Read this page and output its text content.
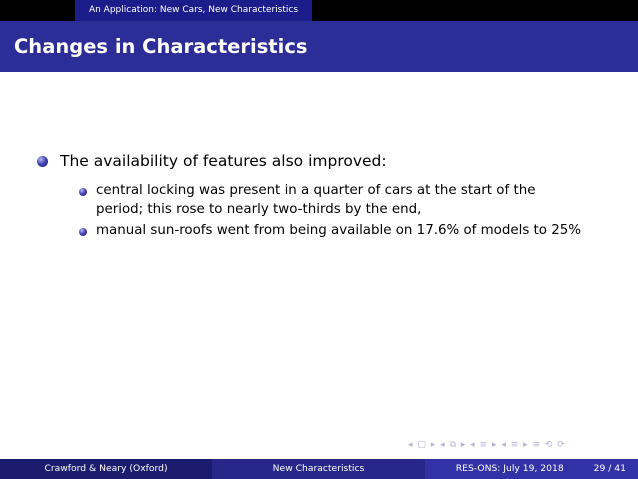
An Application: New Cars, New Characteristics
Changes in Characteristics
The availability of features also improved:
central locking was present in a quarter of cars at the start of the
period; this rose to nearly two-thirds by the end,
manual sun-roofs went from being available on 17.6% of models to 25%
◂ ▢ ▸ ◂ ⧉ ▸ ◂ ≡ ▸ ◂ ≡ ▸ ≡ ⟲ ⟳
Crawford & Neary (Oxford)	New Characteristics	RES-ONS: July 19, 2018	29 / 41
